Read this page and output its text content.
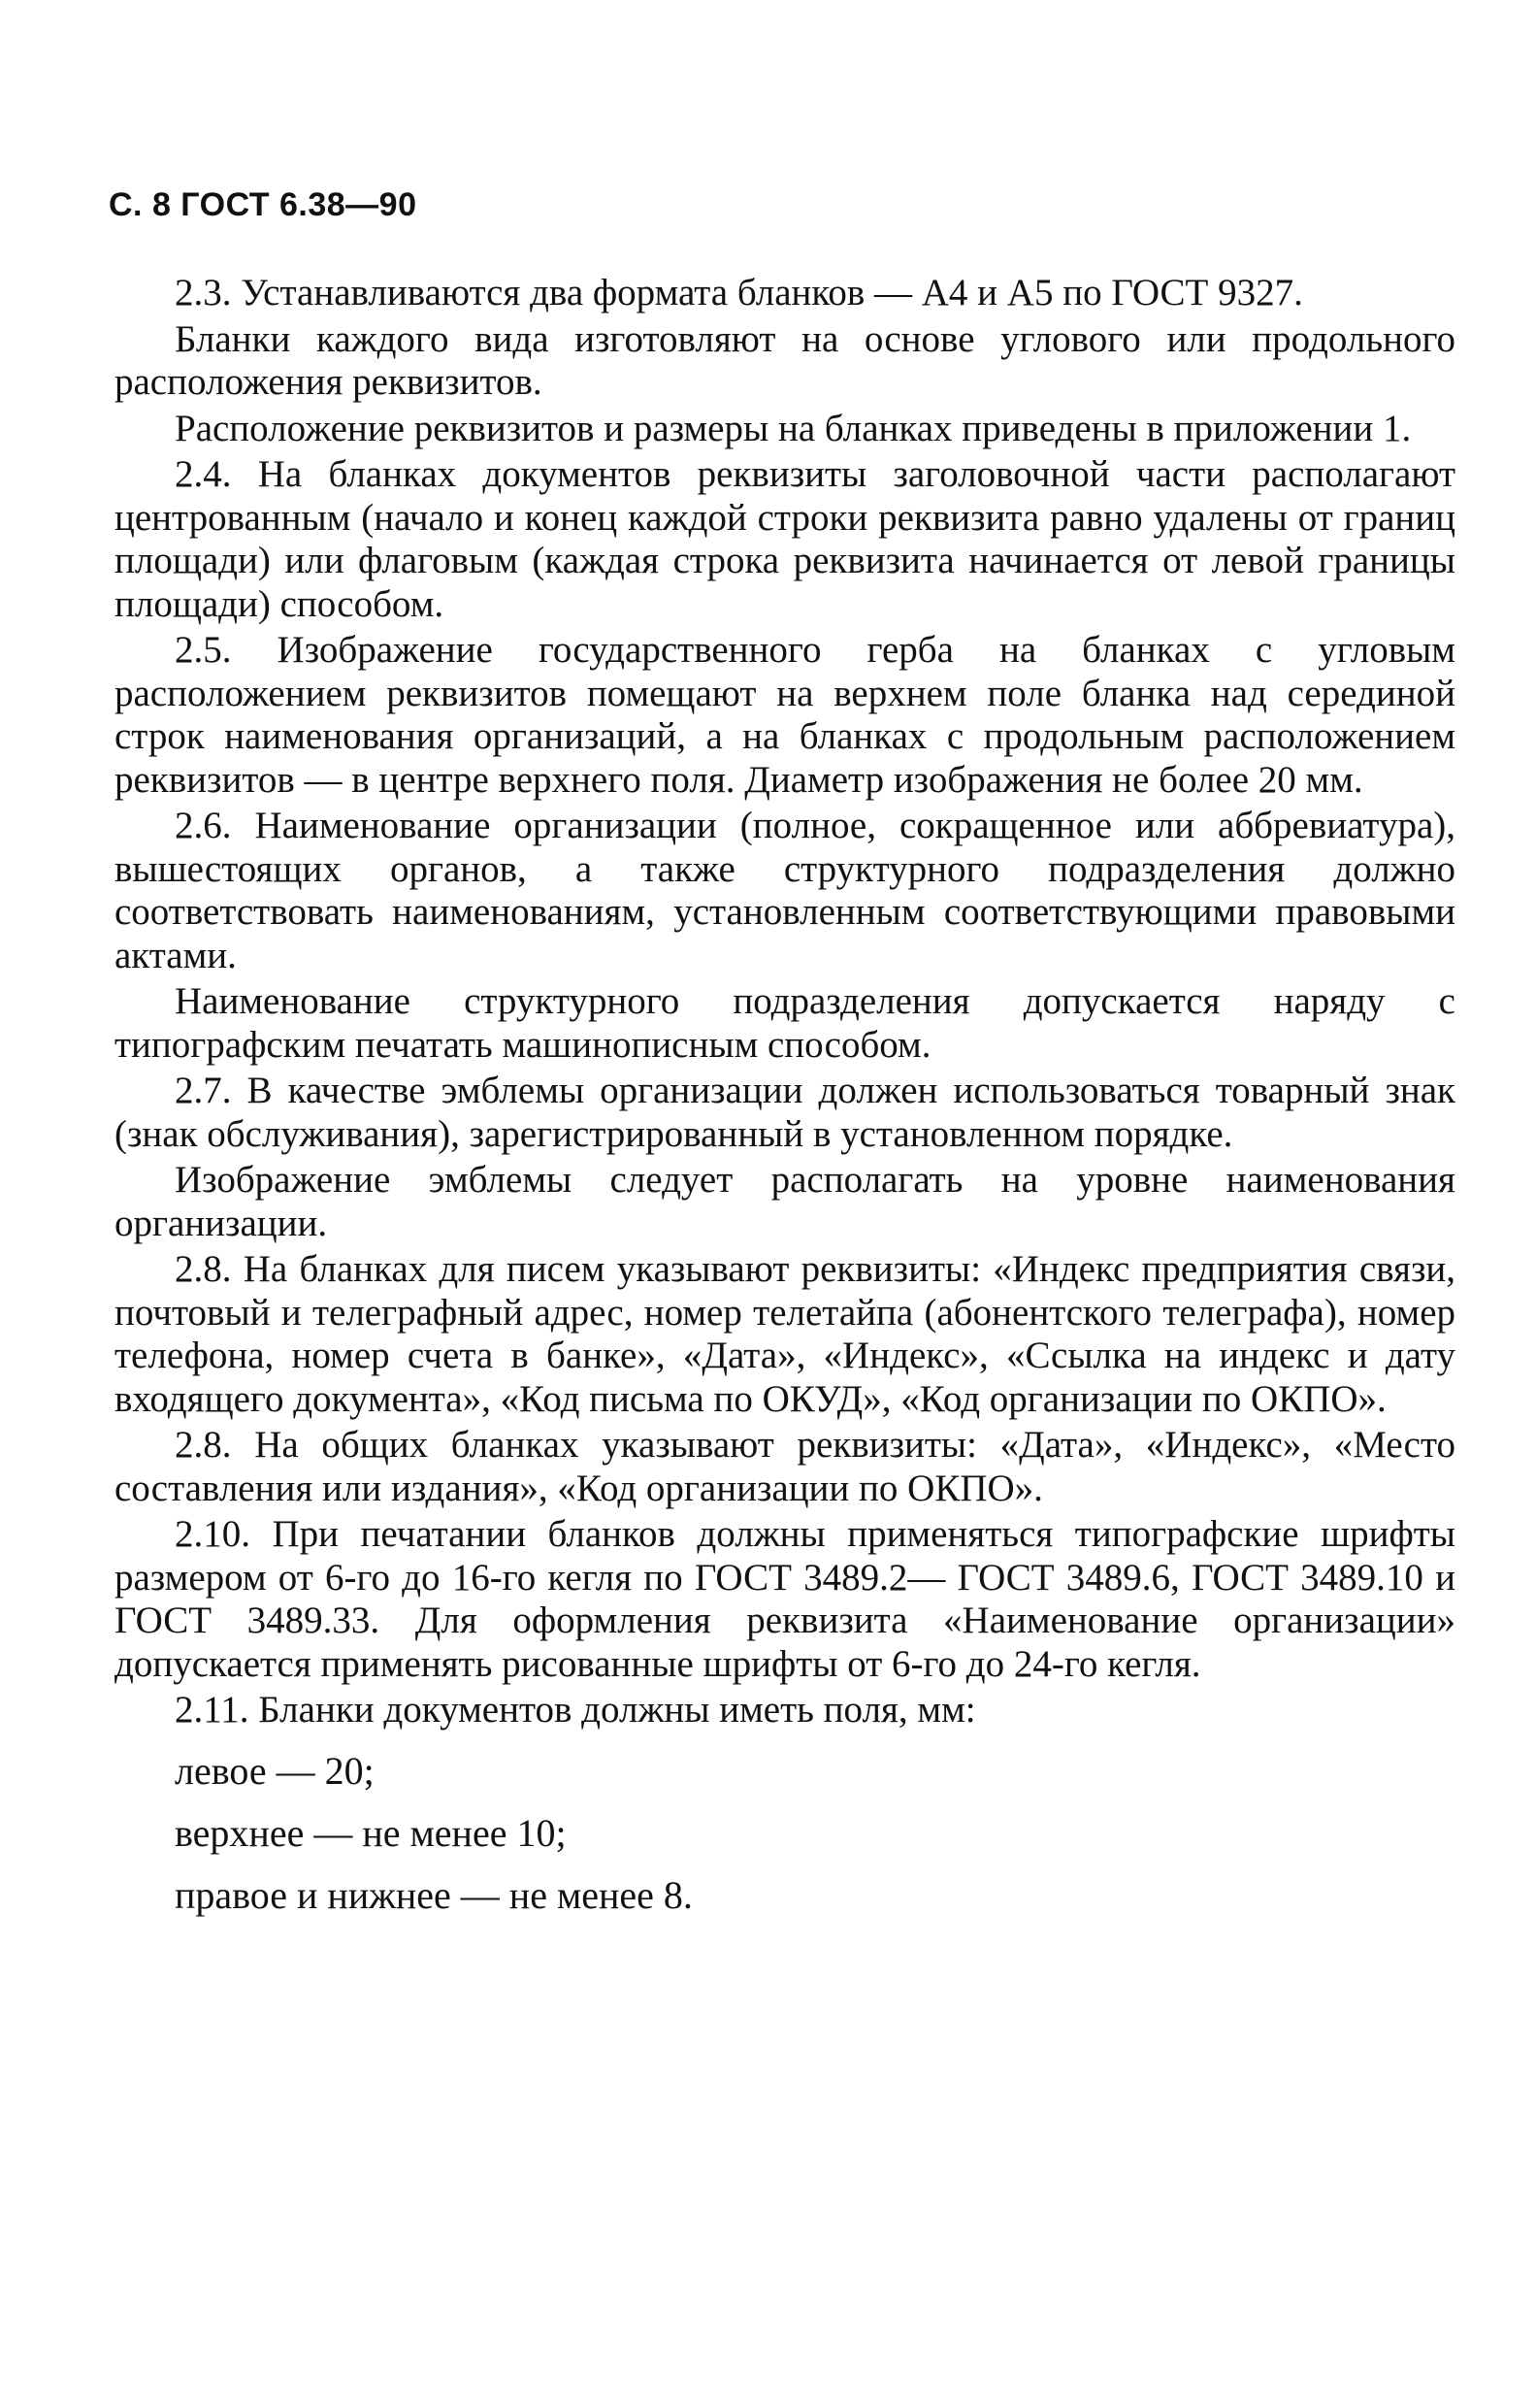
С. 8 ГОСТ 6.38—90

2.3. Устанавливаются два формата бланков — А4 и А5 по ГОСТ 9327.

Бланки каждого вида изготовляют на основе углового или продольного расположения реквизитов.

Расположение реквизитов и размеры на бланках приведены в приложении 1.

2.4. На бланках документов реквизиты заголовочной части располагают центрованным (начало и конец каждой строки реквизита равно удалены от границ площади) или флаговым (каждая строка реквизита начинается от левой границы площади) способом.

2.5. Изображение государственного герба на бланках с угловым расположением реквизитов помещают на верхнем поле бланка над серединой строк наименования организаций, а на бланках с продольным расположением реквизитов — в центре верхнего поля. Диаметр изображения не более 20 мм.

2.6. Наименование организации (полное, сокращенное или аббревиатура), вышестоящих органов, а также структурного подразделения должно соответствовать наименованиям, установленным соответствующими правовыми актами.

Наименование структурного подразделения допускается наряду с типографским печатать машинописным способом.

2.7. В качестве эмблемы организации должен использоваться товарный знак (знак обслуживания), зарегистрированный в установленном порядке.

Изображение эмблемы следует располагать на уровне наименования организации.

2.8. На бланках для писем указывают реквизиты: «Индекс предприятия связи, почтовый и телеграфный адрес, номер телетайпа (абонентского телеграфа), номер телефона, номер счета в банке», «Дата», «Индекс», «Ссылка на индекс и дату входящего документа», «Код письма по ОКУД», «Код организации по ОКПО».

2.8. На общих бланках указывают реквизиты: «Дата», «Индекс», «Место составления или издания», «Код организации по ОКПО».

2.10. При печатании бланков должны применяться типографские шрифты размером от 6-го до 16-го кегля по ГОСТ 3489.2— ГОСТ 3489.6, ГОСТ 3489.10 и ГОСТ 3489.33. Для оформления реквизита «Наименование организации» допускается применять рисованные шрифты от 6-го до 24-го кегля.

2.11. Бланки документов должны иметь поля, мм:

левое — 20;
верхнее — не менее 10;
правое и нижнее — не менее 8.
